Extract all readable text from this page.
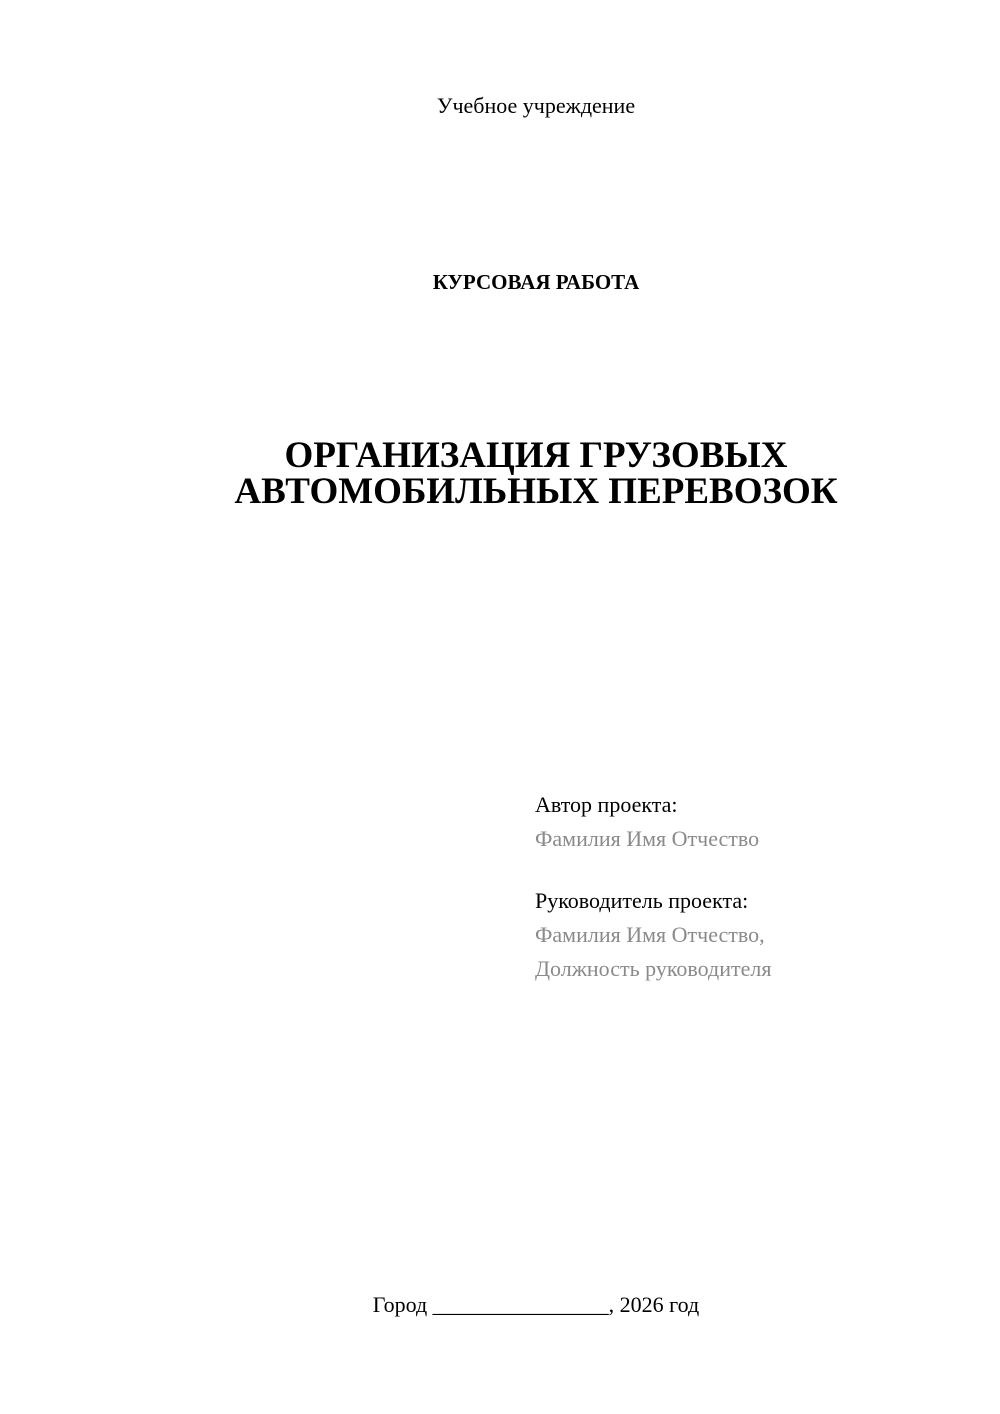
Учебное учреждение
КУРСОВАЯ РАБОТА
ОРГАНИЗАЦИЯ ГРУЗОВЫХ
АВТОМОБИЛЬНЫХ ПЕРЕВОЗОК
Автор проекта:
Фамилия Имя Отчество
Руководитель проекта:
Фамилия Имя Отчество,
Должность руководителя
Город ________________, 2026 год
